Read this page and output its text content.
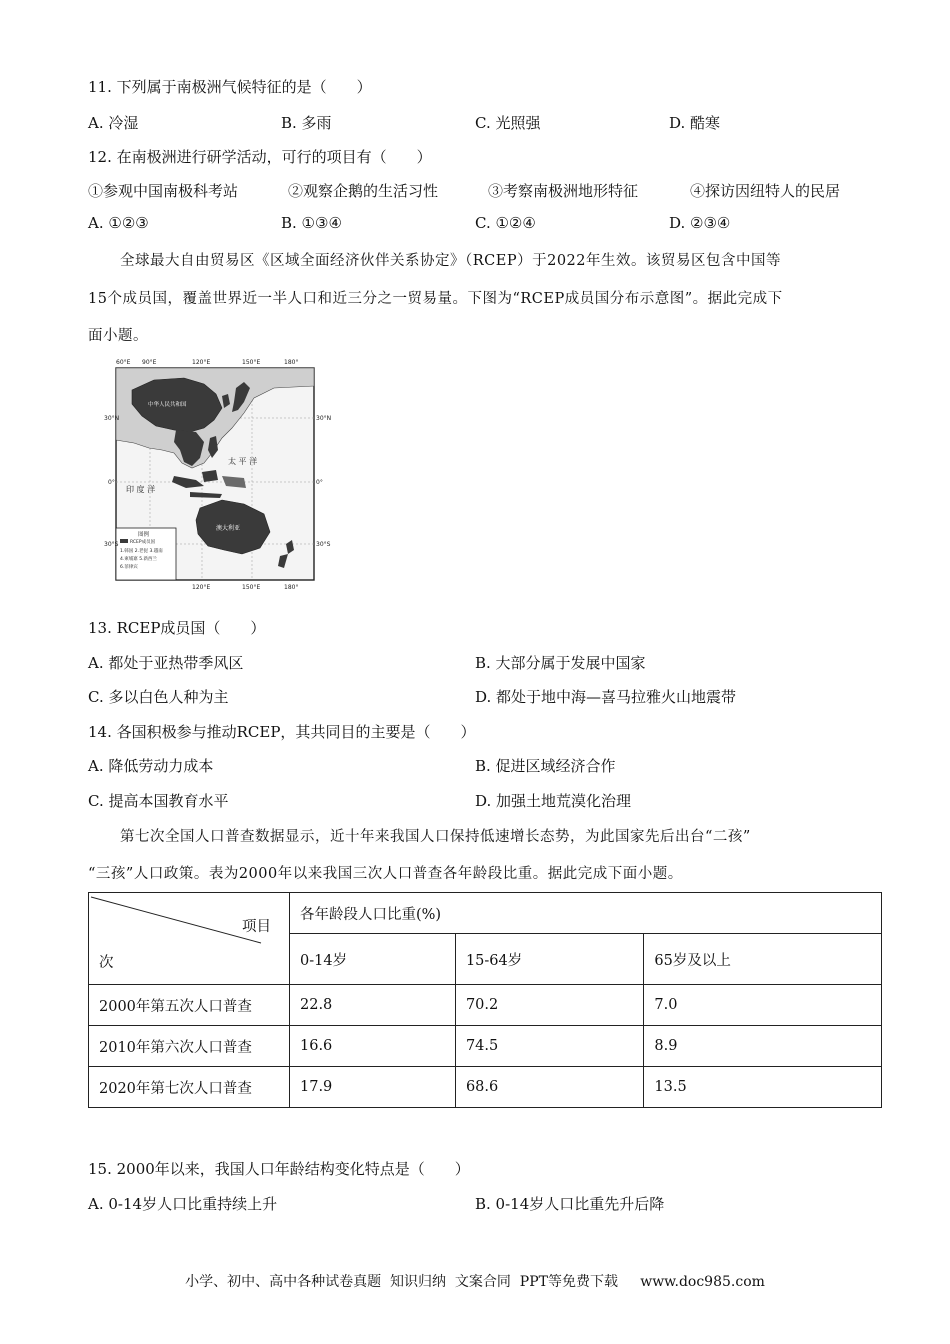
11. 下列属于南极洲气候特征的是（　　）
A. 冷湿	B. 多雨	C. 光照强	D. 酷寒
12. 在南极洲进行研学活动，可行的项目有（　　）
①参观中国南极科考站	②观察企鹅的生活习性	③考察南极洲地形特征	④探访因纽特人的民居
A. ①②③	B. ①③④	C. ①②④	D. ②③④
全球最大自由贸易区《区域全面经济伙伴关系协定》（RCEP）于2022年生效。该贸易区包含中国等
15个成员国，覆盖世界近一半人口和近三分之一贸易量。下图为“RCEP成员国分布示意图”。据此完成下
面小题。
60°E 90°E	120°E	150°E	180°
30°N
0°
30°S
30°N
0°
30°S
120°E	150°E	180°
太 平 洋
印 度 洋
中华人民共和国
澳大利亚
图例
RCEP成员国
1.韩国 2.老挝 3.越南
4.柬埔寨 5.新西兰
6.菲律宾
13. RCEP成员国（　　）
A. 都处于亚热带季风区	B. 大部分属于发展中国家
C. 多以白色人种为主	D. 都处于地中海—喜马拉雅火山地震带
14. 各国积极参与推动RCEP，其共同目的主要是（　　）
A. 降低劳动力成本	B. 促进区域经济合作
C. 提高本国教育水平	D. 加强土地荒漠化治理
第七次全国人口普查数据显示，近十年来我国人口保持低速增长态势，为此国家先后出台“二孩”
“三孩”人口政策。表为2000年以来我国三次人口普查各年龄段比重。据此完成下面小题。
项目
次	各年龄段人口比重(%)		
	0-14岁	15-64岁	65岁及以上
2000年第五次人口普查	22.8	70.2	7.0
2010年第六次人口普查	16.6	74.5	8.9
2020年第七次人口普查	17.9	68.6	13.5
15. 2000年以来，我国人口年龄结构变化特点是（　　）
A. 0-14岁人口比重持续上升	B. 0-14岁人口比重先升后降
小学、初中、高中各种试卷真题  知识归纳  文案合同  PPT等免费下载     www.doc985.com
